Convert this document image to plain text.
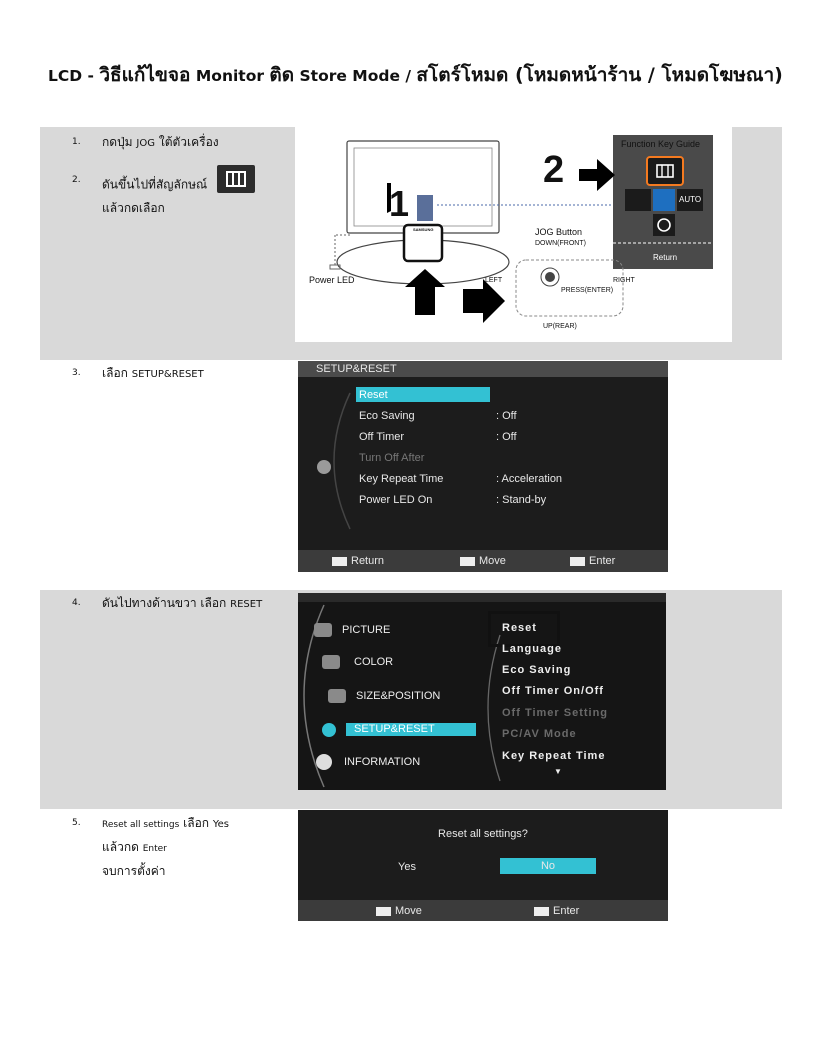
LCD - วิธีแก้ไขจอ Monitor ติด Store Mode / สโตร์โหมด (โหมดหน้าร้าน / โหมดโฆษณา)
1. กดปุ่ม JOG ใต้ตัวเครื่อง
2. ดันขึ้นไปที่สัญลักษณ์
แล้วกดเลือก	1
2
Function Key Guide
AUTO
Return
JOG Button
DOWN(FRONT)
LEFT	RIGHT
PRESS(ENTER)
UP(REAR)
Power LED
SAMSUNG
3. เลือก SETUP&RESET	SETUP&RESET
Reset
Eco Saving	: Off
Off Timer	: Off
Turn Off After
Key Repeat Time	: Acceleration
Power LED On	: Stand-by
Return	Move	Enter
4. ดันไปทางด้านขวา เลือก RESET
PICTURE
COLOR
SIZE&POSITION
SETUP&RESET
INFORMATION
Reset
Language
Eco Saving
Off Timer On/Off
Off Timer Setting
PC/AV Mode
Key Repeat Time
▼
5. Reset all settings เลือก Yes
แล้วกด Enter
จบการตั้งค่า
Reset all settings?
Yes	No
Move	Enter
